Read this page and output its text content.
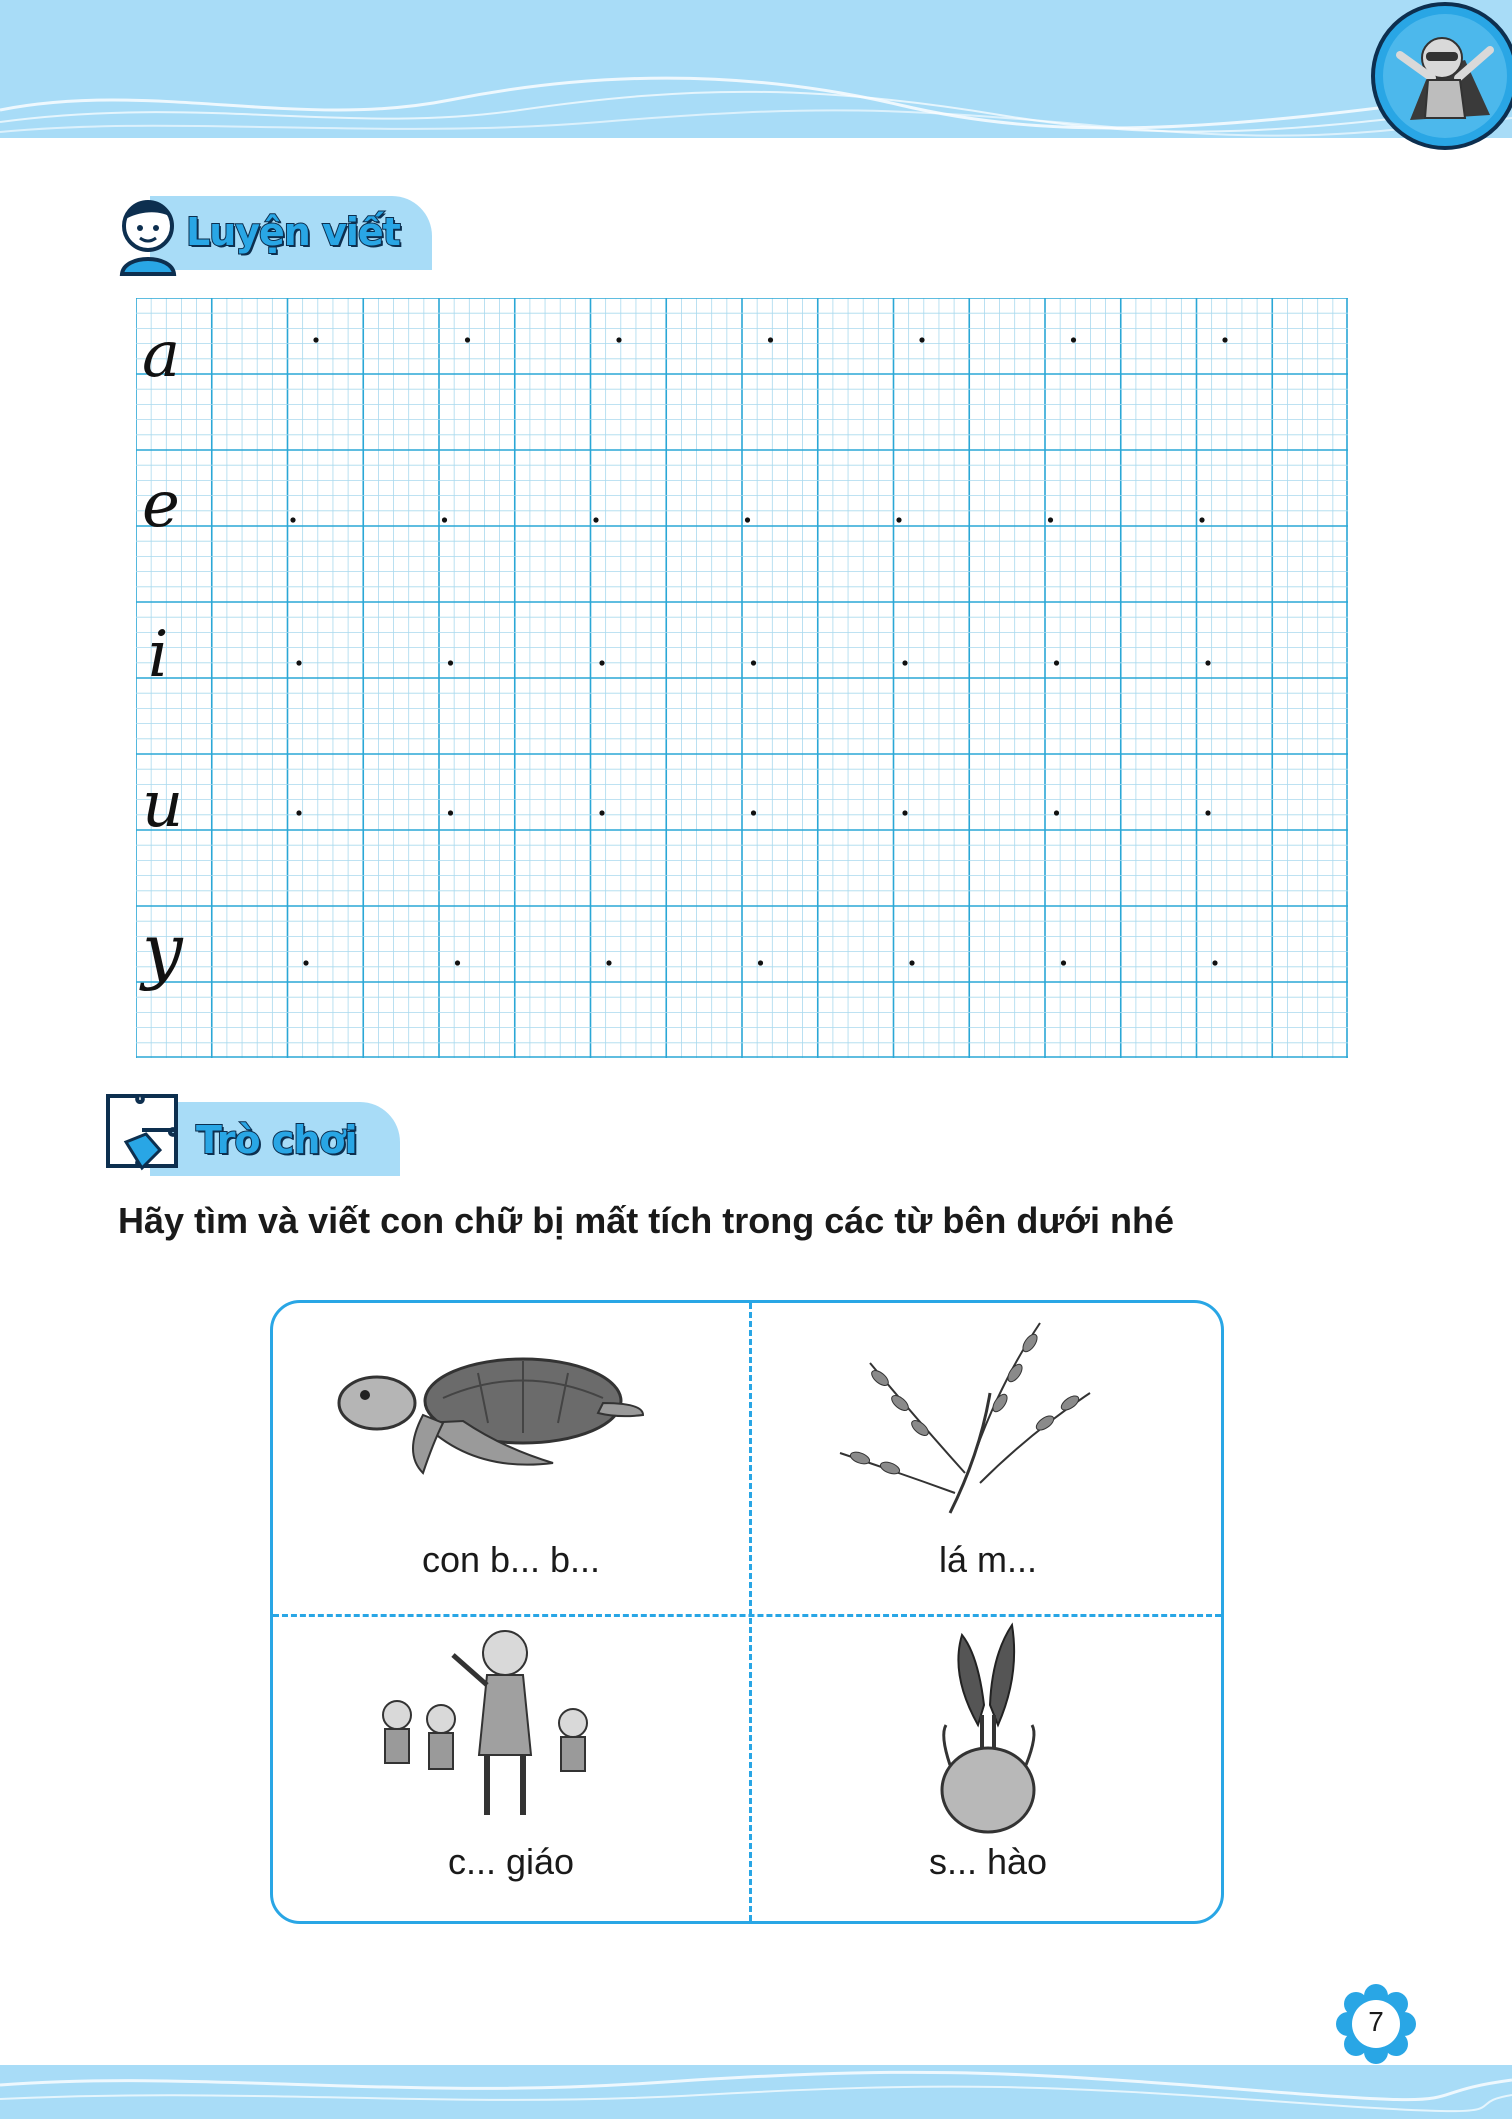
Luyện viết
a
e
i
u
y
Trò chơi
Hãy tìm và viết con chữ bị mất tích trong các từ bên dưới nhé
con b... b...	lá m...
c... giáo	s... hào
7
